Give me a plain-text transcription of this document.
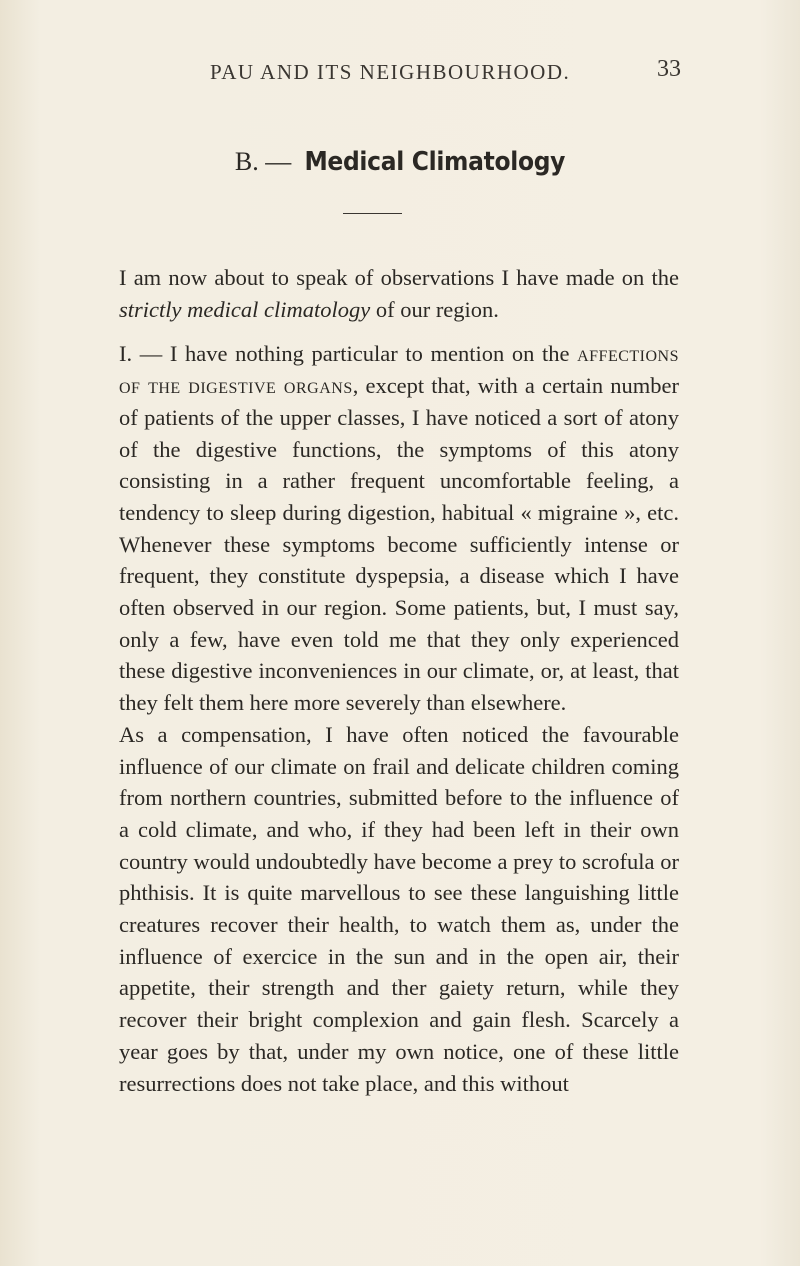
PAU AND ITS NEIGHBOURHOOD.	33
B. — Medical Climatology

I am now about to speak of observations I have made on the strictly medical climatology of our region.

I. — I have nothing particular to mention on the affections of the digestive organs, except that, with a certain number of patients of the upper classes, I have noticed a sort of atony of the digestive functions, the symptoms of this atony consisting in a rather frequent uncomfortable feeling, a tendency to sleep during digestion, habitual « migraine », etc. Whenever these symptoms become sufficiently intense or frequent, they constitute dyspepsia, a disease which I have often observed in our region. Some patients, but, I must say, only a few, have even told me that they only experienced these digestive inconveniences in our climate, or, at least, that they felt them here more severely than elsewhere.

As a compensation, I have often noticed the favourable influence of our climate on frail and delicate children coming from northern countries, submitted before to the influence of a cold climate, and who, if they had been left in their own country would undoubtedly have become a prey to scrofula or phthisis. It is quite marvellous to see these languishing little creatures recover their health, to watch them as, under the influence of exercice in the sun and in the open air, their appetite, their strength and ther gaiety return, while they recover their bright complexion and gain flesh. Scarcely a year goes by that, under my own notice, one of these little resurrections does not take place, and this without
